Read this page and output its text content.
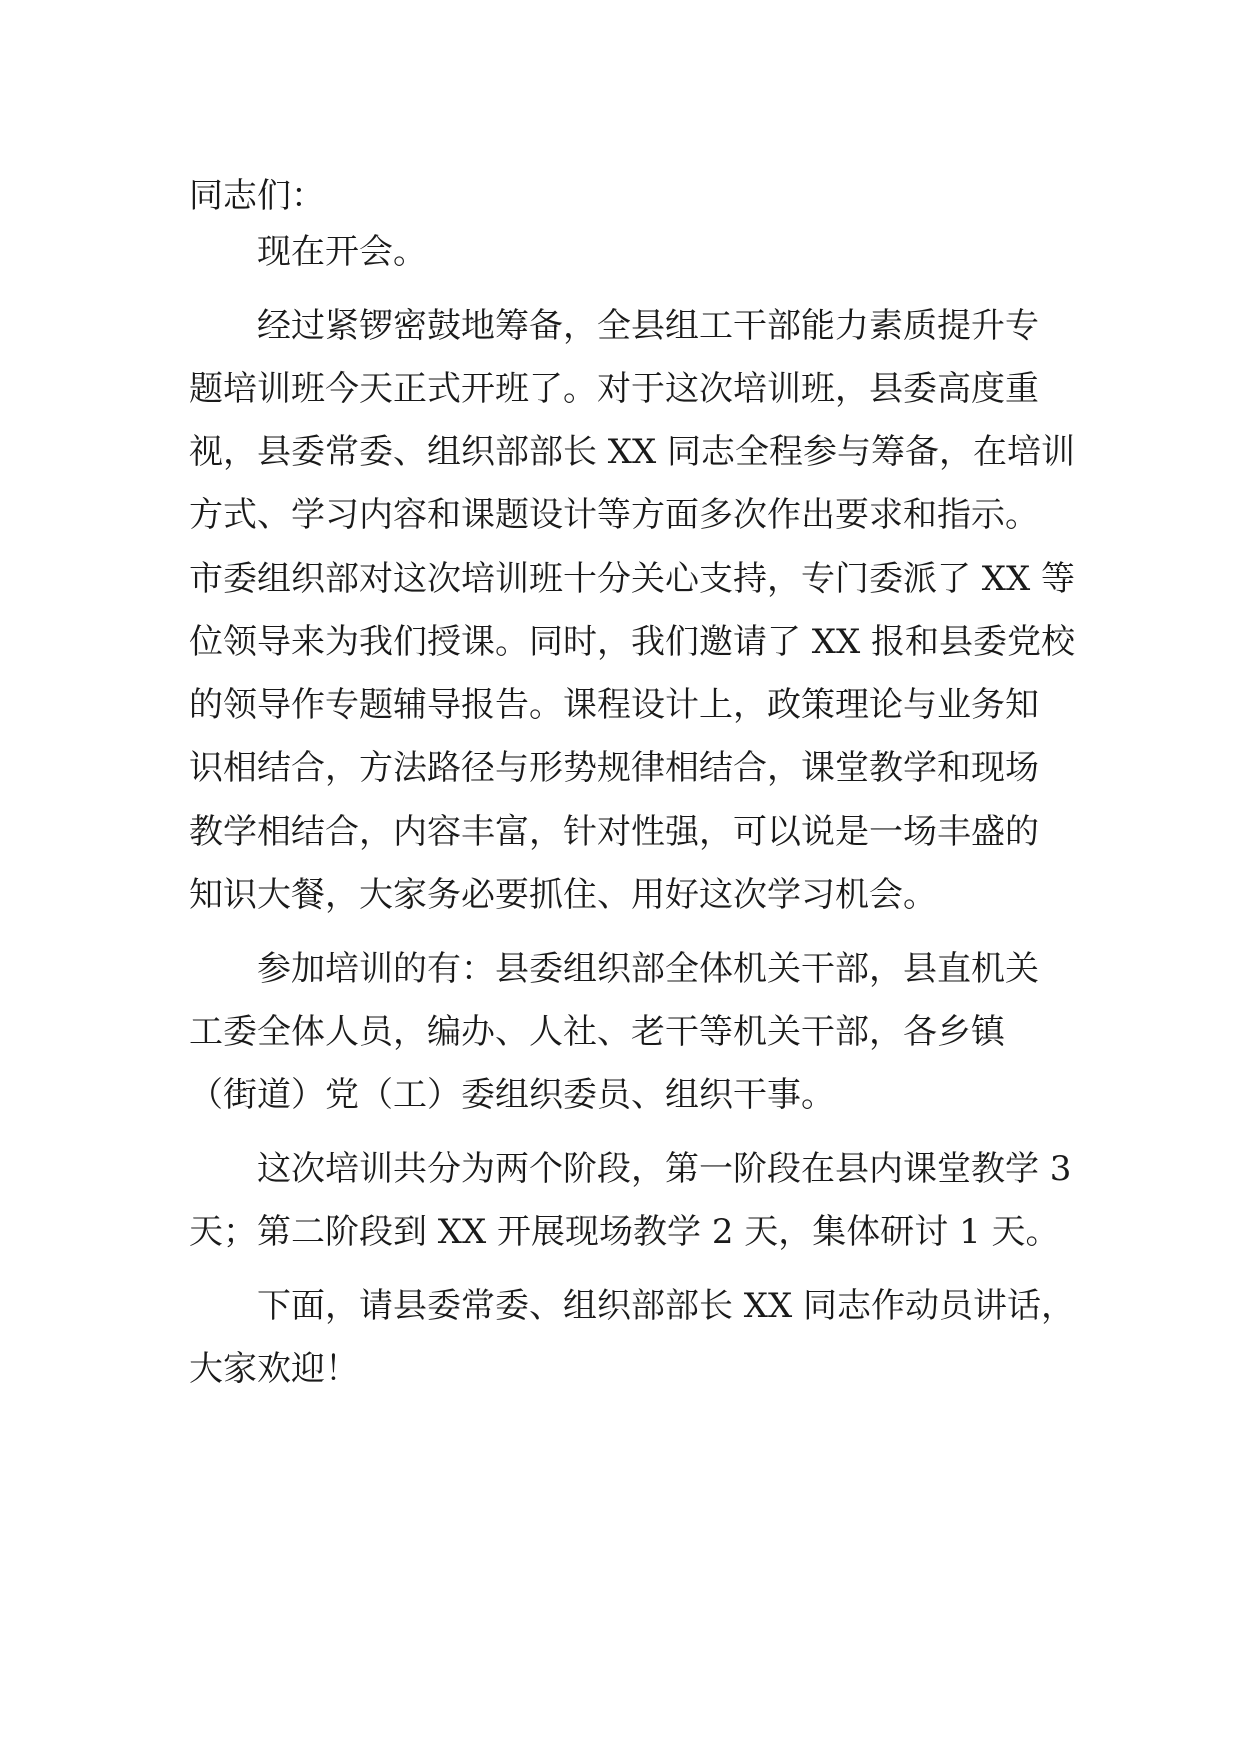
同志们：
现在开会。
经过紧锣密鼓地筹备，全县组工干部能力素质提升专
题培训班今天正式开班了。对于这次培训班，县委高度重
视，县委常委、组织部部长 XX 同志全程参与筹备，在培训
方式、学习内容和课题设计等方面多次作出要求和指示。
市委组织部对这次培训班十分关心支持，专门委派了 XX 等
位领导来为我们授课。同时，我们邀请了 XX 报和县委党校
的领导作专题辅导报告。课程设计上，政策理论与业务知
识相结合，方法路径与形势规律相结合，课堂教学和现场
教学相结合，内容丰富，针对性强，可以说是一场丰盛的
知识大餐，大家务必要抓住、用好这次学习机会。
参加培训的有：县委组织部全体机关干部，县直机关
工委全体人员，编办、人社、老干等机关干部，各乡镇
（街道）党（工）委组织委员、组织干事。
这次培训共分为两个阶段，第一阶段在县内课堂教学 3
天；第二阶段到 XX 开展现场教学 2 天，集体研讨 1 天。
下面，请县委常委、组织部部长 XX 同志作动员讲话，
大家欢迎！
